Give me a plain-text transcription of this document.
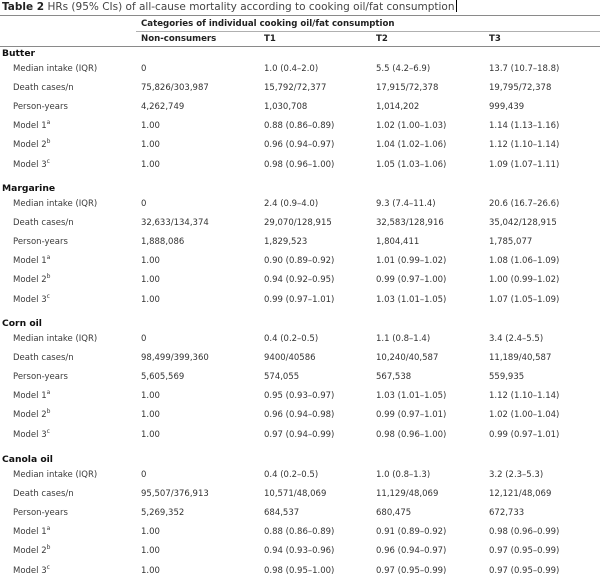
Table 2 HRs (95% CIs) of all-cause mortality according to cooking oil/fat consumption
Categories of individual cooking oil/fat consumption
Non-consumers	T1	T2	T3
Butter
Median intake (IQR)	0	1.0 (0.4–2.0)	5.5 (4.2–6.9)	13.7 (10.7–18.8)
Death cases/n	75,826/303,987	15,792/72,377	17,915/72,378	19,795/72,378
Person-years	4,262,749	1,030,708	1,014,202	999,439
Model 1$^a$	1.00	0.88 (0.86–0.89)	1.02 (1.00–1.03)	1.14 (1.13–1.16)
Model 2$^b$	1.00	0.96 (0.94–0.97)	1.04 (1.02–1.06)	1.12 (1.10–1.14)
Model 3$^c$	1.00	0.98 (0.96–1.00)	1.05 (1.03–1.06)	1.09 (1.07–1.11)
Margarine
Median intake (IQR)	0	2.4 (0.9–4.0)	9.3 (7.4–11.4)	20.6 (16.7–26.6)
Death cases/n	32,633/134,374	29,070/128,915	32,583/128,916	35,042/128,915
Person-years	1,888,086	1,829,523	1,804,411	1,785,077
Model 1$^a$	1.00	0.90 (0.89–0.92)	1.01 (0.99–1.02)	1.08 (1.06–1.09)
Model 2$^b$	1.00	0.94 (0.92–0.95)	0.99 (0.97–1.00)	1.00 (0.99–1.02)
Model 3$^c$	1.00	0.99 (0.97–1.01)	1.03 (1.01–1.05)	1.07 (1.05–1.09)
Corn oil
Median intake (IQR)	0	0.4 (0.2–0.5)	1.1 (0.8–1.4)	3.4 (2.4–5.5)
Death cases/n	98,499/399,360	9400/40586	10,240/40,587	11,189/40,587
Person-years	5,605,569	574,055	567,538	559,935
Model 1$^a$	1.00	0.95 (0.93–0.97)	1.03 (1.01–1.05)	1.12 (1.10–1.14)
Model 2$^b$	1.00	0.96 (0.94–0.98)	0.99 (0.97–1.01)	1.02 (1.00–1.04)
Model 3$^c$	1.00	0.97 (0.94–0.99)	0.98 (0.96–1.00)	0.99 (0.97–1.01)
Canola oil
Median intake (IQR)	0	0.4 (0.2–0.5)	1.0 (0.8–1.3)	3.2 (2.3–5.3)
Death cases/n	95,507/376,913	10,571/48,069	11,129/48,069	12,121/48,069
Person-years	5,269,352	684,537	680,475	672,733
Model 1$^a$	1.00	0.88 (0.86–0.89)	0.91 (0.89–0.92)	0.98 (0.96–0.99)
Model 2$^b$	1.00	0.94 (0.93–0.96)	0.96 (0.94–0.97)	0.97 (0.95–0.99)
Model 3$^c$	1.00	0.98 (0.95–1.00)	0.97 (0.95–0.99)	0.97 (0.95–0.99)
